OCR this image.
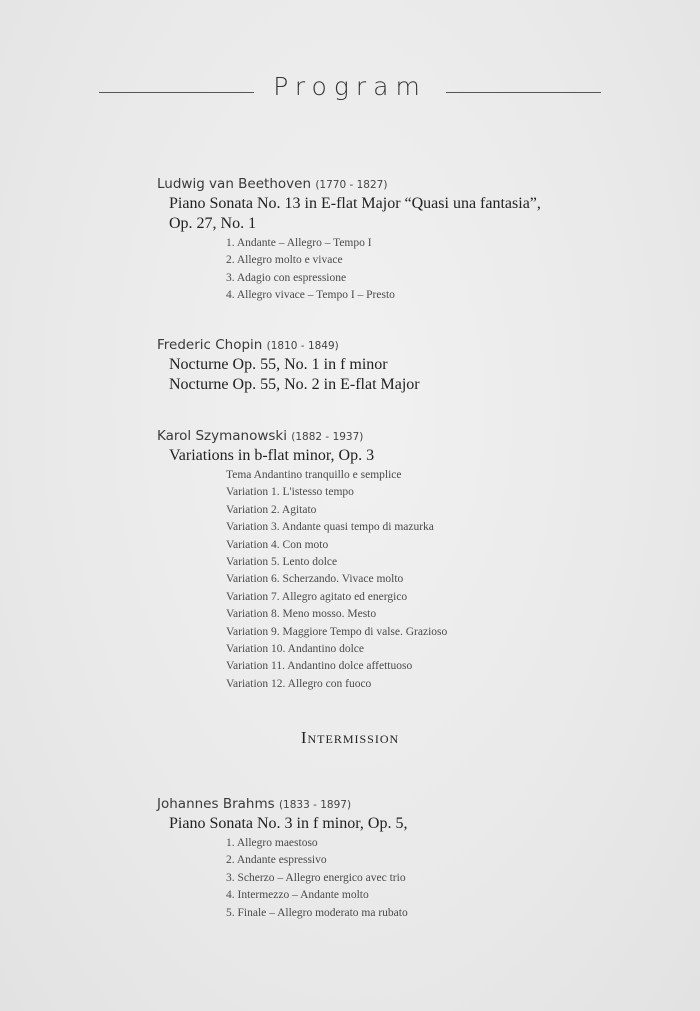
Program
Ludwig van Beethoven (1770 - 1827)
Piano Sonata No. 13 in E-flat Major “Quasi una fantasia”,
Op. 27, No. 1
1. Andante – Allegro – Tempo I
2. Allegro molto e vivace
3. Adagio con espressione
4. Allegro vivace – Tempo I – Presto
Frederic Chopin (1810 - 1849)
Nocturne Op. 55, No. 1 in f minor
Nocturne Op. 55, No. 2 in E-flat Major
Karol Szymanowski (1882 - 1937)
Variations in b-flat minor, Op. 3
Tema Andantino tranquillo e semplice
Variation 1. L'istesso tempo
Variation 2. Agitato
Variation 3. Andante quasi tempo di mazurka
Variation 4. Con moto
Variation 5. Lento dolce
Variation 6. Scherzando. Vivace molto
Variation 7. Allegro agitato ed energico
Variation 8. Meno mosso. Mesto
Variation 9. Maggiore Tempo di valse. Grazioso
Variation 10. Andantino dolce
Variation 11. Andantino dolce affettuoso
Variation 12. Allegro con fuoco
Intermission
Johannes Brahms (1833 - 1897)
Piano Sonata No. 3 in f minor, Op. 5,
1. Allegro maestoso
2. Andante espressivo
3. Scherzo – Allegro energico avec trio
4. Intermezzo – Andante molto
5. Finale – Allegro moderato ma rubato
